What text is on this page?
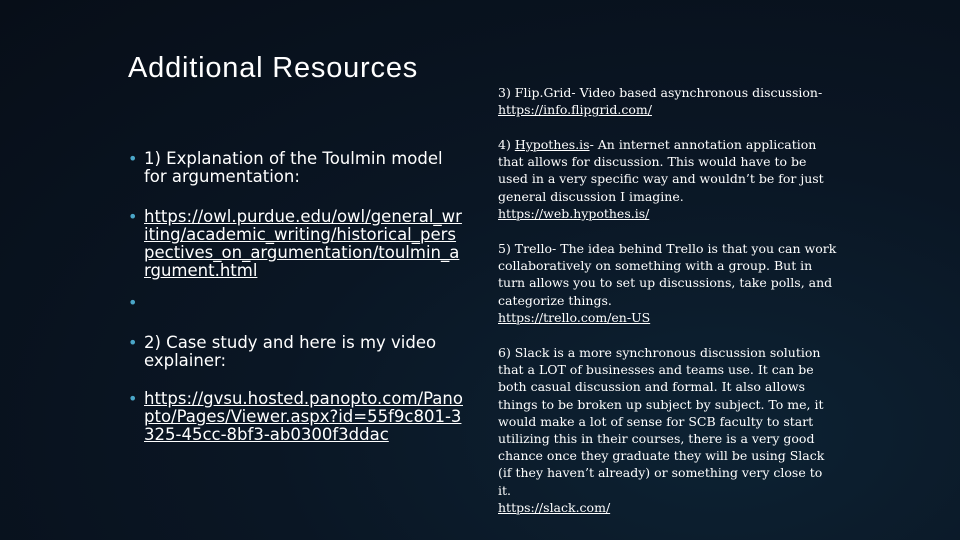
Additional Resources
• 1) Explanation of the Toulmin model for argumentation:
• https://owl.purdue.edu/owl/general_writing/academic_writing/historical_perspectives_on_argumentation/toulmin_argument.html
•
• 2) Case study and here is my video explainer:
• https://gvsu.hosted.panopto.com/Panopto/Pages/Viewer.aspx?id=55f9c801-3325-45cc-8bf3-ab0300f3ddac
3) Flip.Grid- Video based asynchronous discussion-
https://info.flipgrid.com/
4) Hypothes.is- An internet annotation application that allows for discussion. This would have to be used in a very specific way and wouldn’t be for just general discussion I imagine.
https://web.hypothes.is/
5) Trello- The idea behind Trello is that you can work collaboratively on something with a group. But in turn allows you to set up discussions, take polls, and categorize things.
https://trello.com/en-US
6) Slack is a more synchronous discussion solution that a LOT of businesses and teams use. It can be both casual discussion and formal. It also allows things to be broken up subject by subject. To me, it would make a lot of sense for SCB faculty to start utilizing this in their courses, there is a very good chance once they graduate they will be using Slack (if they haven’t already) or something very close to it.
https://slack.com/
